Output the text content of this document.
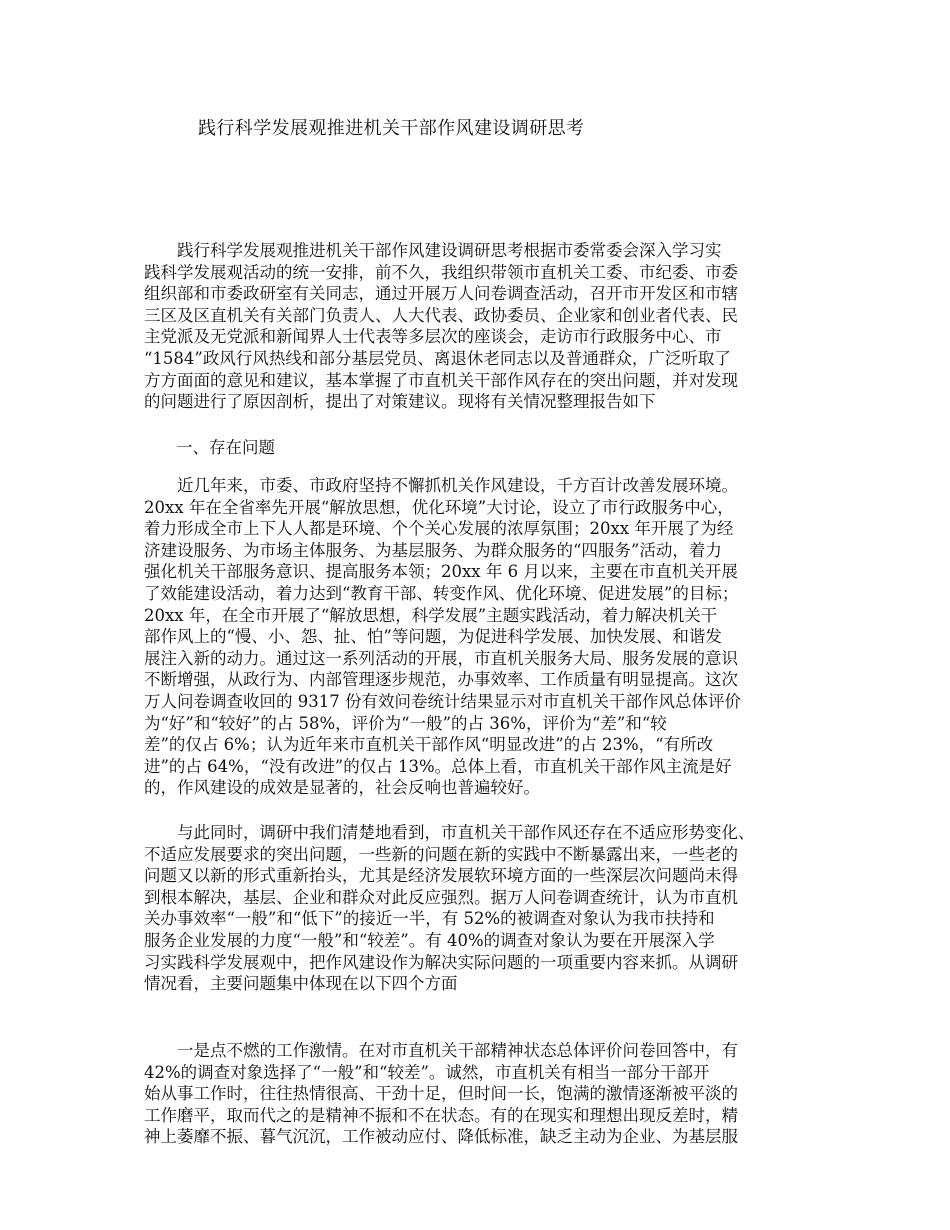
践行科学发展观推进机关干部作风建设调研思考
　　践行科学发展观推进机关干部作风建设调研思考根据市委常委会深入学习实
践科学发展观活动的统一安排，前不久，我组织带领市直机关工委、市纪委、市委
组织部和市委政研室有关同志，通过开展万人问卷调查活动，召开市开发区和市辖
三区及区直机关有关部门负责人、人大代表、政协委员、企业家和创业者代表、民
主党派及无党派和新闻界人士代表等多层次的座谈会，走访市行政服务中心、市
“1584”政风行风热线和部分基层党员、离退休老同志以及普通群众，广泛听取了
方方面面的意见和建议，基本掌握了市直机关干部作风存在的突出问题，并对发现
的问题进行了原因剖析，提出了对策建议。现将有关情况整理报告如下
一、存在问题
　　近几年来，市委、市政府坚持不懈抓机关作风建设，千方百计改善发展环境。
20xx 年在全省率先开展“解放思想，优化环境”大讨论，设立了市行政服务中心，
着力形成全市上下人人都是环境、个个关心发展的浓厚氛围；20xx 年开展了为经
济建设服务、为市场主体服务、为基层服务、为群众服务的“四服务”活动，着力
强化机关干部服务意识、提高服务本领；20xx 年 6 月以来，主要在市直机关开展
了效能建设活动，着力达到“教育干部、转变作风、优化环境、促进发展”的目标；
20xx 年，在全市开展了“解放思想，科学发展”主题实践活动，着力解决机关干
部作风上的“慢、小、怨、扯、怕”等问题，为促进科学发展、加快发展、和谐发
展注入新的动力。通过这一系列活动的开展，市直机关服务大局、服务发展的意识
不断增强，从政行为、内部管理逐步规范，办事效率、工作质量有明显提高。这次
万人问卷调查收回的 9317 份有效问卷统计结果显示对市直机关干部作风总体评价
为“好”和“较好”的占 58%，评价为“一般”的占 36%，评价为“差”和“较
差”的仅占 6%；认为近年来市直机关干部作风“明显改进”的占 23%，“有所改
进”的占 64%，“没有改进”的仅占 13%。总体上看，市直机关干部作风主流是好
的，作风建设的成效是显著的，社会反响也普遍较好。
　　与此同时，调研中我们清楚地看到，市直机关干部作风还存在不适应形势变化、
不适应发展要求的突出问题，一些新的问题在新的实践中不断暴露出来，一些老的
问题又以新的形式重新抬头，尤其是经济发展软环境方面的一些深层次问题尚未得
到根本解决，基层、企业和群众对此反应强烈。据万人问卷调查统计，认为市直机
关办事效率“一般”和“低下”的接近一半，有 52%的被调查对象认为我市扶持和
服务企业发展的力度“一般”和“较差”。有 40%的调查对象认为要在开展深入学
习实践科学发展观中，把作风建设作为解决实际问题的一项重要内容来抓。从调研
情况看，主要问题集中体现在以下四个方面
　　一是点不燃的工作激情。在对市直机关干部精神状态总体评价问卷回答中，有
42%的调查对象选择了“一般”和“较差”。诚然，市直机关有相当一部分干部开
始从事工作时，往往热情很高、干劲十足，但时间一长，饱满的激情逐渐被平淡的
工作磨平，取而代之的是精神不振和不在状态。有的在现实和理想出现反差时，精
神上萎靡不振、暮气沉沉，工作被动应付、降低标准，缺乏主动为企业、为基层服
